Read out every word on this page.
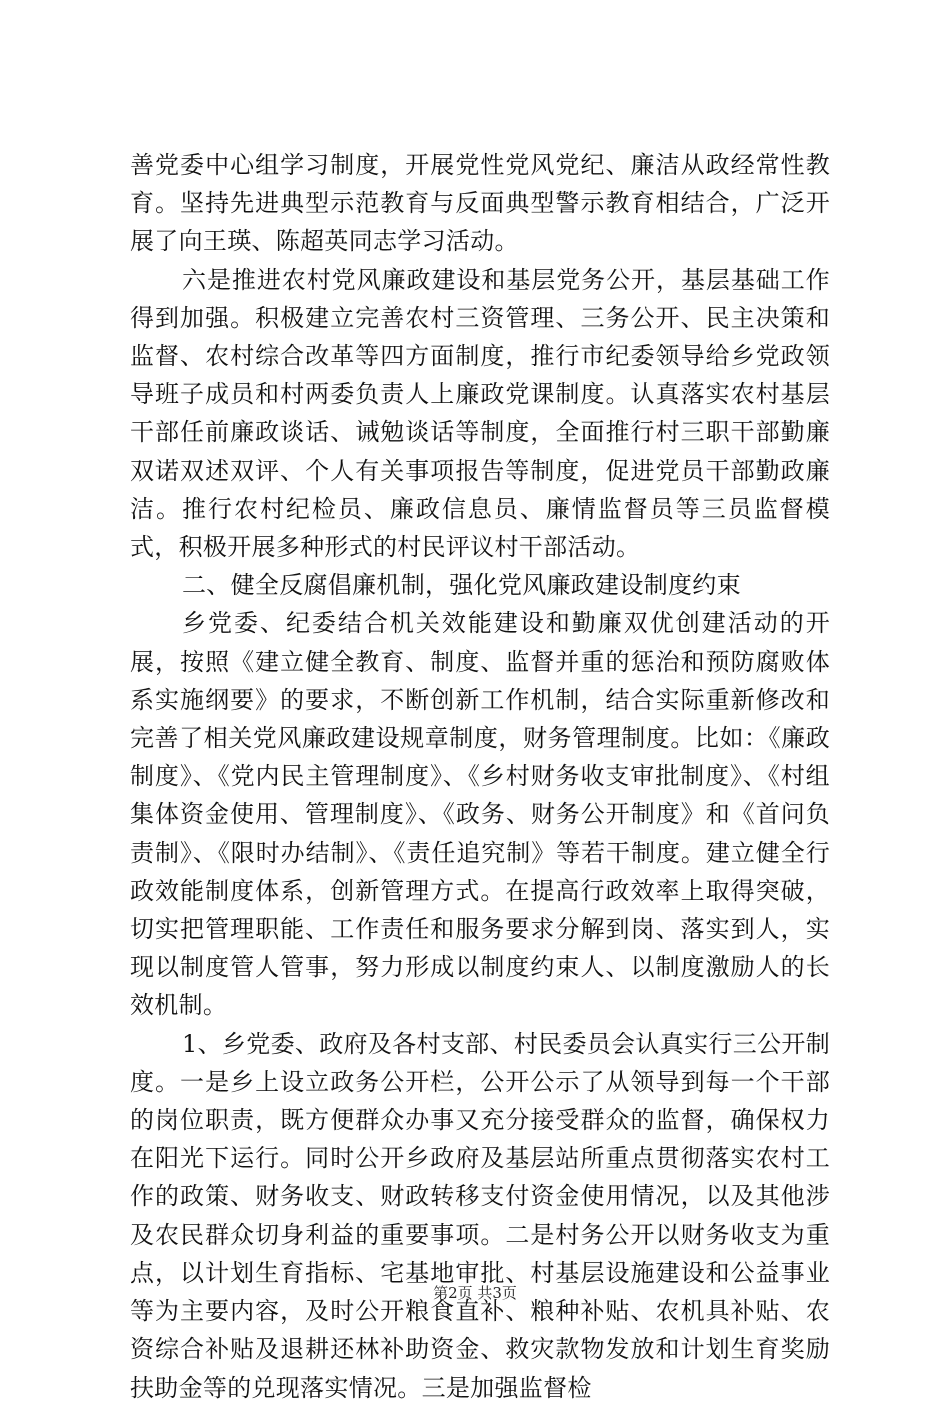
善党委中心组学习制度，开展党性党风党纪、廉洁从政经常性教育。坚持先进典型示范教育与反面典型警示教育相结合，广泛开展了向王瑛、陈超英同志学习活动。

六是推进农村党风廉政建设和基层党务公开，基层基础工作得到加强。积极建立完善农村三资管理、三务公开、民主决策和监督、农村综合改革等四方面制度，推行市纪委领导给乡党政领导班子成员和村两委负责人上廉政党课制度。认真落实农村基层干部任前廉政谈话、诫勉谈话等制度，全面推行村三职干部勤廉双诺双述双评、个人有关事项报告等制度，促进党员干部勤政廉洁。推行农村纪检员、廉政信息员、廉情监督员等三员监督模式，积极开展多种形式的村民评议村干部活动。

二、健全反腐倡廉机制，强化党风廉政建设制度约束

乡党委、纪委结合机关效能建设和勤廉双优创建活动的开展，按照《建立健全教育、制度、监督并重的惩治和预防腐败体系实施纲要》的要求，不断创新工作机制，结合实际重新修改和完善了相关党风廉政建设规章制度，财务管理制度。比如：《廉政制度》、《党内民主管理制度》、《乡村财务收支审批制度》、《村组集体资金使用、管理制度》、《政务、财务公开制度》和《首问负责制》、《限时办结制》、《责任追究制》等若干制度。建立健全行政效能制度体系，创新管理方式。在提高行政效率上取得突破，切实把管理职能、工作责任和服务要求分解到岗、落实到人，实现以制度管人管事，努力形成以制度约束人、以制度激励人的长效机制。

1、乡党委、政府及各村支部、村民委员会认真实行三公开制度。一是乡上设立政务公开栏，公开公示了从领导到每一个干部的岗位职责，既方便群众办事又充分接受群众的监督，确保权力在阳光下运行。同时公开乡政府及基层站所重点贯彻落实农村工作的政策、财务收支、财政转移支付资金使用情况，以及其他涉及农民群众切身利益的重要事项。二是村务公开以财务收支为重点，以计划生育指标、宅基地审批、村基层设施建设和公益事业等为主要内容，及时公开粮食直补、粮种补贴、农机具补贴、农资综合补贴及退耕还林补助资金、救灾款物发放和计划生育奖励扶助金等的兑现落实情况。三是加强监督检

第2页 共3页
